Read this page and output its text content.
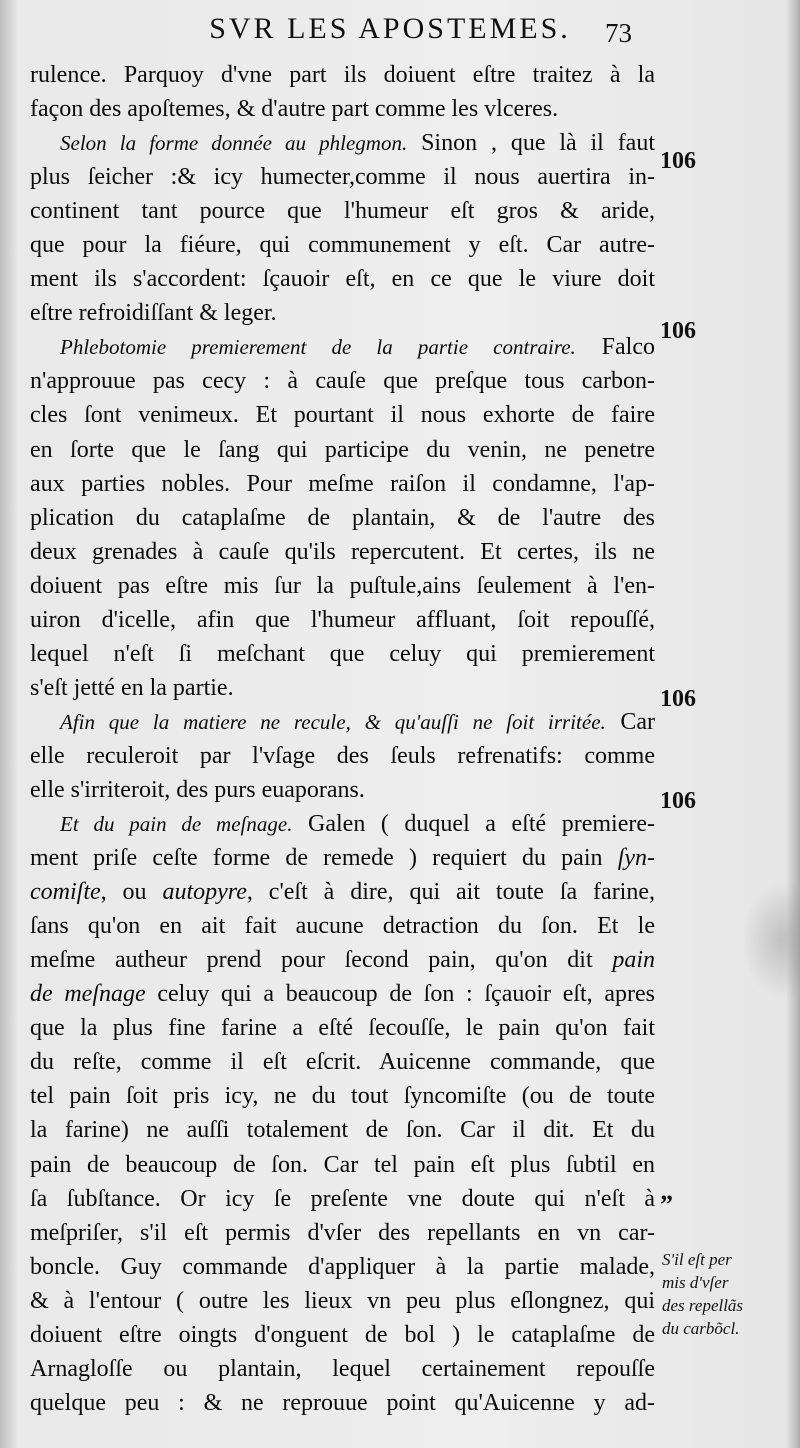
SVR LES APOSTEMES.	73
rulence. Parquoy d'vne part ils doiuent eſtre traitez à la
façon des apoſtemes, & d'autre part comme les vlceres.
Selon la forme donnée au phlegmon. Sinon , que là il faut
plus ſeicher :& icy humecter,comme il nous auertira in-
continent tant pource que l'humeur eſt gros & aride,
que pour la fiéure, qui communement y eſt. Car autre-
ment ils s'accordent: ſçauoir eſt, en ce que le viure doit
eſtre refroidiſſant & leger.
Phlebotomie premierement de la partie contraire. Falco
n'approuue pas cecy : à cauſe que preſque tous carbon-
cles ſont venimeux. Et pourtant il nous exhorte de faire
en ſorte que le ſang qui participe du venin, ne penetre
aux parties nobles. Pour meſme raiſon il condamne, l'ap-
plication du cataplaſme de plantain, & de l'autre des
deux grenades à cauſe qu'ils repercutent. Et certes, ils ne
doiuent pas eſtre mis ſur la puſtule,ains ſeulement à l'en-
uiron d'icelle, afin que l'humeur affluant, ſoit repouſſé,
lequel n'eſt ſi meſchant que celuy qui premierement
s'eſt jetté en la partie.
Afin que la matiere ne recule, & qu'auſſi ne ſoit irritée. Car
elle reculeroit par l'vſage des ſeuls refrenatifs: comme
elle s'irriteroit, des purs euaporans.
Et du pain de meſnage. Galen ( duquel a eſté premiere-
ment priſe ceſte forme de remede ) requiert du pain ſyn-
comiſte, ou autopyre, c'eſt à dire, qui ait toute ſa farine,
ſans qu'on en ait fait aucune detraction du ſon. Et le
meſme autheur prend pour ſecond pain, qu'on dit pain
de meſnage celuy qui a beaucoup de ſon : ſçauoir eſt, apres
que la plus fine farine a eſté ſecouſſe, le pain qu'on fait
du reſte, comme il eſt eſcrit. Auicenne commande, que
tel pain ſoit pris icy, ne du tout ſyncomiſte (ou de toute
la farine) ne auſſi totalement de ſon. Car il dit. Et du
pain de beaucoup de ſon. Car tel pain eſt plus ſubtil en
ſa ſubſtance. Or icy ſe preſente vne doute qui n'eſt à
meſpriſer, s'il eſt permis d'vſer des repellants en vn car-
boncle. Guy commande d'appliquer à la partie malade,
& à l'entour ( outre les lieux vn peu plus eſlongnez, qui
doiuent eſtre oingts d'onguent de bol ) le cataplaſme de
Arnagloſſe ou plantain, lequel certainement repouſſe
quelque peu : & ne reprouue point qu'Auicenne y ad-
106
106
106
106
”
S'il eſt per
mis d'vſer
des repellãs
du carbõcl.
